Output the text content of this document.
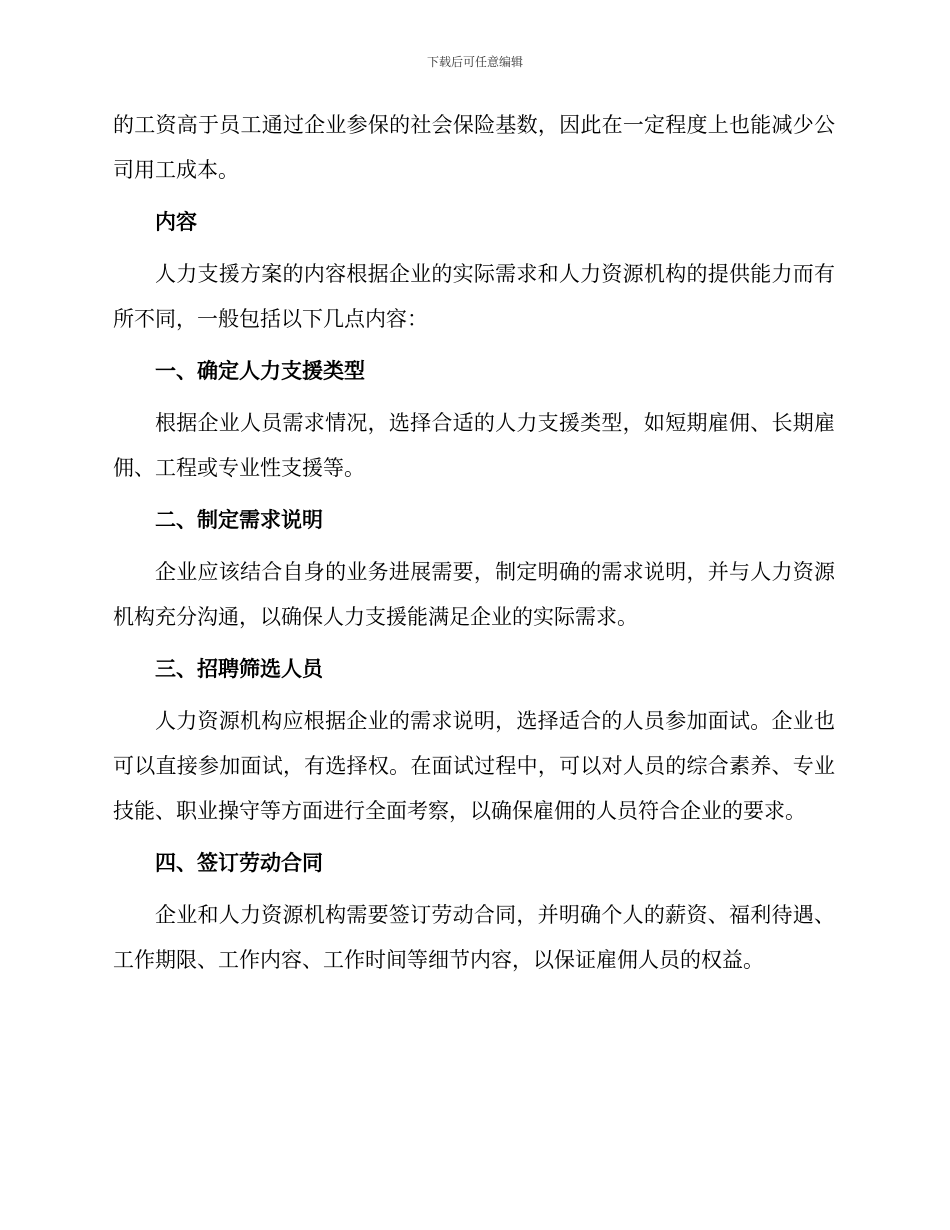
下载后可任意编辑

的工资高于员工通过企业参保的社会保险基数，因此在一定程度上也能减少公司用工成本。

内容

人力支援方案的内容根据企业的实际需求和人力资源机构的提供能力而有所不同，一般包括以下几点内容：

一、确定人力支援类型

根据企业人员需求情况，选择合适的人力支援类型，如短期雇佣、长期雇佣、工程或专业性支援等。

二、制定需求说明

企业应该结合自身的业务进展需要，制定明确的需求说明，并与人力资源机构充分沟通，以确保人力支援能满足企业的实际需求。

三、招聘筛选人员

人力资源机构应根据企业的需求说明，选择适合的人员参加面试。企业也可以直接参加面试，有选择权。在面试过程中，可以对人员的综合素养、专业技能、职业操守等方面进行全面考察，以确保雇佣的人员符合企业的要求。

四、签订劳动合同

企业和人力资源机构需要签订劳动合同，并明确个人的薪资、福利待遇、工作期限、工作内容、工作时间等细节内容，以保证雇佣人员的权益。
